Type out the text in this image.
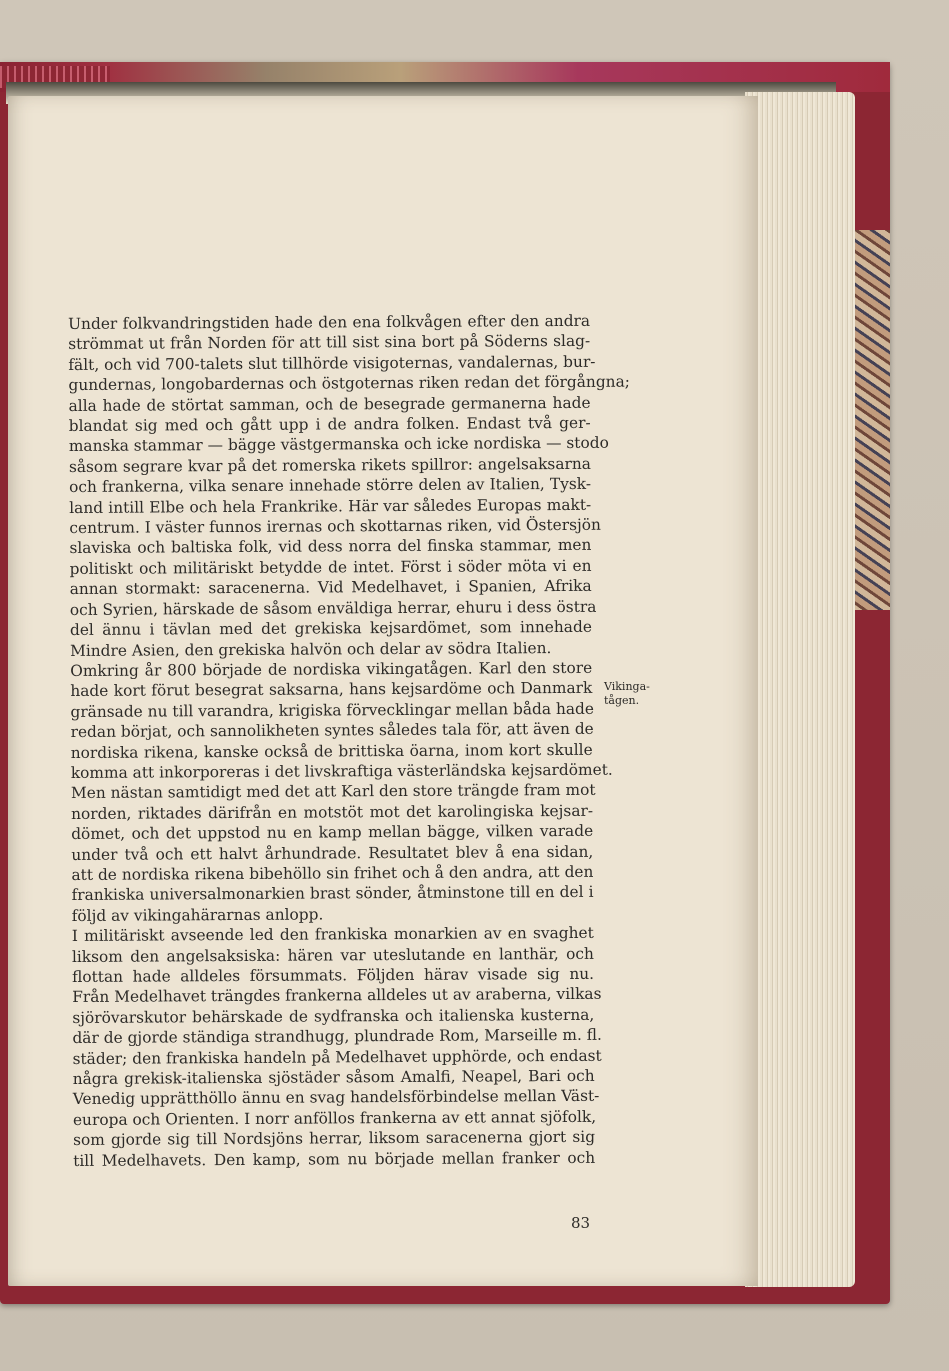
Under folkvandringstiden hade den ena folkvågen efter den andra
strömmat ut från Norden för att till sist sina bort på Söderns slag-
fält, och vid 700-talets slut tillhörde visigoternas, vandalernas, bur-
gundernas, longobardernas och östgoternas riken redan det förgångna;
alla hade de störtat samman, och de besegrade germanerna hade
blandat sig med och gått upp i de andra folken. Endast två ger-
manska stammar — bägge västgermanska och icke nordiska — stodo
såsom segrare kvar på det romerska rikets spillror: angelsaksarna
och frankerna, vilka senare innehade större delen av Italien, Tysk-
land intill Elbe och hela Frankrike. Här var således Europas makt-
centrum. I väster funnos irernas och skottarnas riken, vid Östersjön
slaviska och baltiska folk, vid dess norra del finska stammar, men
politiskt och militäriskt betydde de intet. Först i söder möta vi en
annan stormakt: saracenerna. Vid Medelhavet, i Spanien, Afrika
och Syrien, härskade de såsom enväldiga herrar, ehuru i dess östra
del ännu i tävlan med det grekiska kejsardömet, som innehade
Mindre Asien, den grekiska halvön och delar av södra Italien.
Omkring år 800 började de nordiska vikingatågen. Karl den store
hade kort förut besegrat saksarna, hans kejsardöme och Danmark
gränsade nu till varandra, krigiska förvecklingar mellan båda hade
redan börjat, och sannolikheten syntes således tala för, att även de
nordiska rikena, kanske också de brittiska öarna, inom kort skulle
komma att inkorporeras i det livskraftiga västerländska kejsardömet.
Men nästan samtidigt med det att Karl den store trängde fram mot
norden, riktades därifrån en motstöt mot det karolingiska kejsar-
dömet, och det uppstod nu en kamp mellan bägge, vilken varade
under två och ett halvt århundrade. Resultatet blev å ena sidan,
att de nordiska rikena bibehöllo sin frihet och å den andra, att den
frankiska universalmonarkien brast sönder, åtminstone till en del i
följd av vikingahärarnas anlopp.
I militäriskt avseende led den frankiska monarkien av en svaghet
liksom den angelsaksiska: hären var uteslutande en lanthär, och
flottan hade alldeles försummats. Följden härav visade sig nu.
Från Medelhavet trängdes frankerna alldeles ut av araberna, vilkas
sjörövarskutor behärskade de sydfranska och italienska kusterna,
där de gjorde ständiga strandhugg, plundrade Rom, Marseille m. fl.
städer; den frankiska handeln på Medelhavet upphörde, och endast
några grekisk-italienska sjöstäder såsom Amalfi, Neapel, Bari och
Venedig upprätthöllo ännu en svag handelsförbindelse mellan Väst-
europa och Orienten. I norr anföllos frankerna av ett annat sjöfolk,
som gjorde sig till Nordsjöns herrar, liksom saracenerna gjort sig
till Medelhavets. Den kamp, som nu började mellan franker och
Vikinga-
tågen.
83
